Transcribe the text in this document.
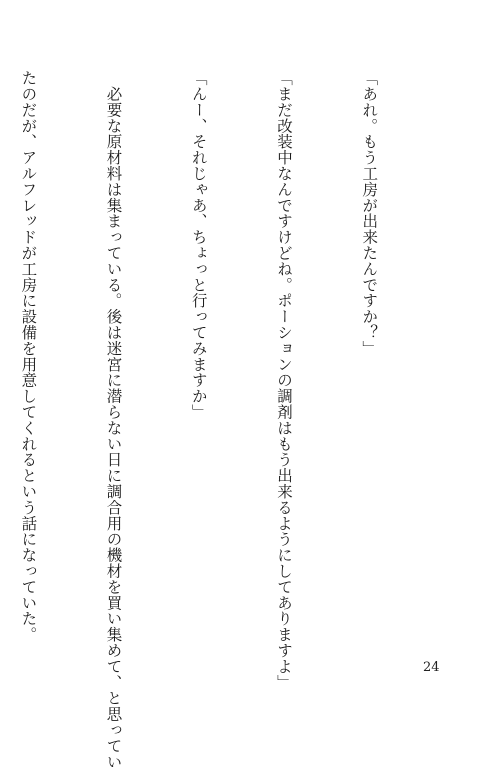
「あれ。もう工房が出来たんですか？」

「まだ改装中なんですけどね。ポーションの調剤はもう出来るようにしてありますよ」

「んー、それじゃあ、ちょっと行ってみますか」

　必要な原材料は集まっている。後は迷宮に潜らない日に調合用の機材を買い集めて、と思ってい

たのだが、アルフレッドが工房に設備を用意してくれるという話になっていた。

24
